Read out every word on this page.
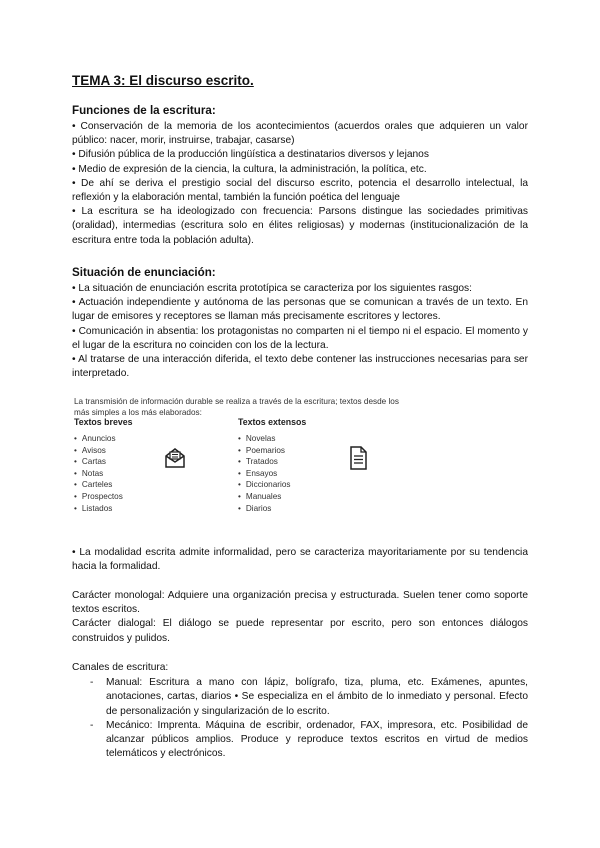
TEMA 3: El discurso escrito.
Funciones de la escritura:

• Conservación de la memoria de los acontecimientos (acuerdos orales que adquieren un valor público: nacer, morir, instruirse, trabajar, casarse)

• Difusión pública de la producción lingüística a destinatarios diversos y lejanos

• Medio de expresión de la ciencia, la cultura, la administración, la política, etc.

• De ahí se deriva el prestigio social del discurso escrito, potencia el desarrollo intelectual, la reflexión y la elaboración mental, también la función poética del lenguaje

• La escritura se ha ideologizado con frecuencia: Parsons distingue las sociedades primitivas (oralidad), intermedias (escritura solo en élites religiosas) y modernas (institucionalización de la escritura entre toda la población adulta).

Situación de enunciación:

• La situación de enunciación escrita prototípica se caracteriza por los siguientes rasgos:

• Actuación independiente y autónoma de las personas que se comunican a través de un texto. En lugar de emisores y receptores se llaman más precisamente escritores y lectores.

• Comunicación in absentia: los protagonistas no comparten ni el tiempo ni el espacio. El momento y el lugar de la escritura no coinciden con los de la lectura.

• Al tratarse de una interacción diferida, el texto debe contener las instrucciones necesarias para ser interpretado.

La transmisión de información durable se realiza a través de la escritura; textos desde los más simples a los más elaborados:
Textos breves
• Anuncios
• Avisos
• Cartas
• Notas
• Carteles
• Prospectos
• Listados
Textos extensos
• Novelas
• Poemarios
• Tratados
• Ensayos
• Diccionarios
• Manuales
• Diarios

• La modalidad escrita admite informalidad, pero se caracteriza mayoritariamente por su tendencia hacia la formalidad.

Carácter monologal: Adquiere una organización precisa y estructurada. Suelen tener como soporte textos escritos.

Carácter dialogal: El diálogo se puede representar por escrito, pero son entonces diálogos construidos y pulidos.

Canales de escritura:

- Manual: Escritura a mano con lápiz, bolígrafo, tiza, pluma, etc. Exámenes, apuntes, anotaciones, cartas, diarios • Se especializa en el ámbito de lo inmediato y personal. Efecto de personalización y singularización de lo escrito.
- Mecánico: Imprenta. Máquina de escribir, ordenador, FAX, impresora, etc. Posibilidad de alcanzar públicos amplios. Produce y reproduce textos escritos en virtud de medios telemáticos y electrónicos.
